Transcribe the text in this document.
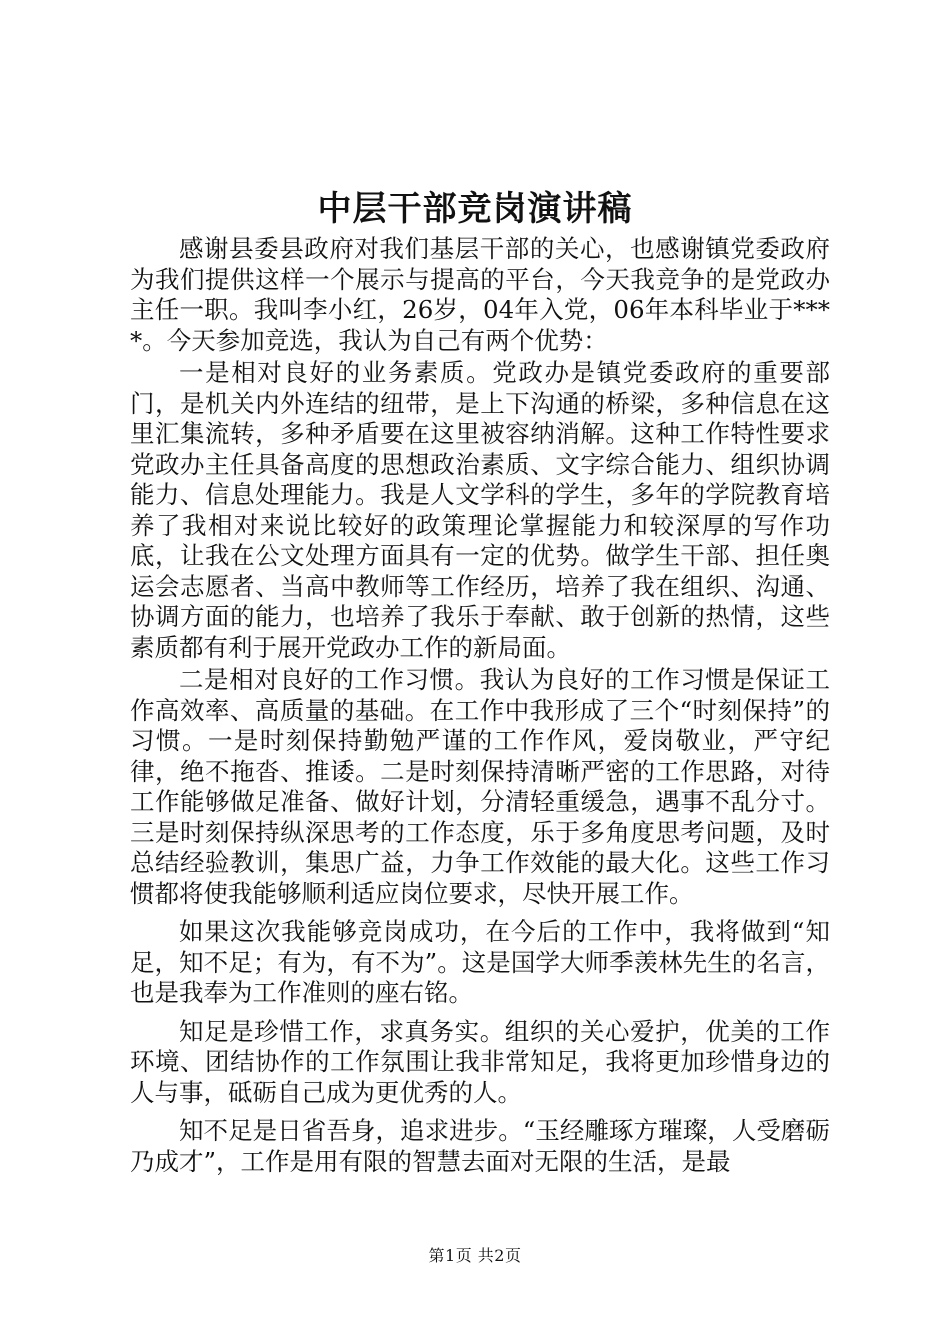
中层干部竞岗演讲稿

感谢县委县政府对我们基层干部的关心，也感谢镇党委政府为我们提供这样一个展示与提高的平台，今天我竞争的是党政办主任一职。我叫李小红，26岁，04年入党，06年本科毕业于****。今天参加竞选，我认为自己有两个优势：

一是相对良好的业务素质。党政办是镇党委政府的重要部门，是机关内外连结的纽带，是上下沟通的桥梁，多种信息在这里汇集流转，多种矛盾要在这里被容纳消解。这种工作特性要求党政办主任具备高度的思想政治素质、文字综合能力、组织协调能力、信息处理能力。我是人文学科的学生，多年的学院教育培养了我相对来说比较好的政策理论掌握能力和较深厚的写作功底，让我在公文处理方面具有一定的优势。做学生干部、担任奥运会志愿者、当高中教师等工作经历，培养了我在组织、沟通、协调方面的能力，也培养了我乐于奉献、敢于创新的热情，这些素质都有利于展开党政办工作的新局面。

二是相对良好的工作习惯。我认为良好的工作习惯是保证工作高效率、高质量的基础。在工作中我形成了三个“时刻保持”的习惯。一是时刻保持勤勉严谨的工作作风，爱岗敬业，严守纪律，绝不拖沓、推诿。二是时刻保持清晰严密的工作思路，对待工作能够做足准备、做好计划，分清轻重缓急，遇事不乱分寸。三是时刻保持纵深思考的工作态度，乐于多角度思考问题，及时总结经验教训，集思广益，力争工作效能的最大化。这些工作习惯都将使我能够顺利适应岗位要求，尽快开展工作。

如果这次我能够竞岗成功，在今后的工作中，我将做到“知足，知不足；有为，有不为”。这是国学大师季羡林先生的名言，也是我奉为工作准则的座右铭。

知足是珍惜工作，求真务实。组织的关心爱护，优美的工作环境、团结协作的工作氛围让我非常知足，我将更加珍惜身边的人与事，砥砺自己成为更优秀的人。

知不足是日省吾身，追求进步。“玉经雕琢方璀璨，人受磨砺乃成才”，工作是用有限的智慧去面对无限的生活，是最

第1页 共2页
